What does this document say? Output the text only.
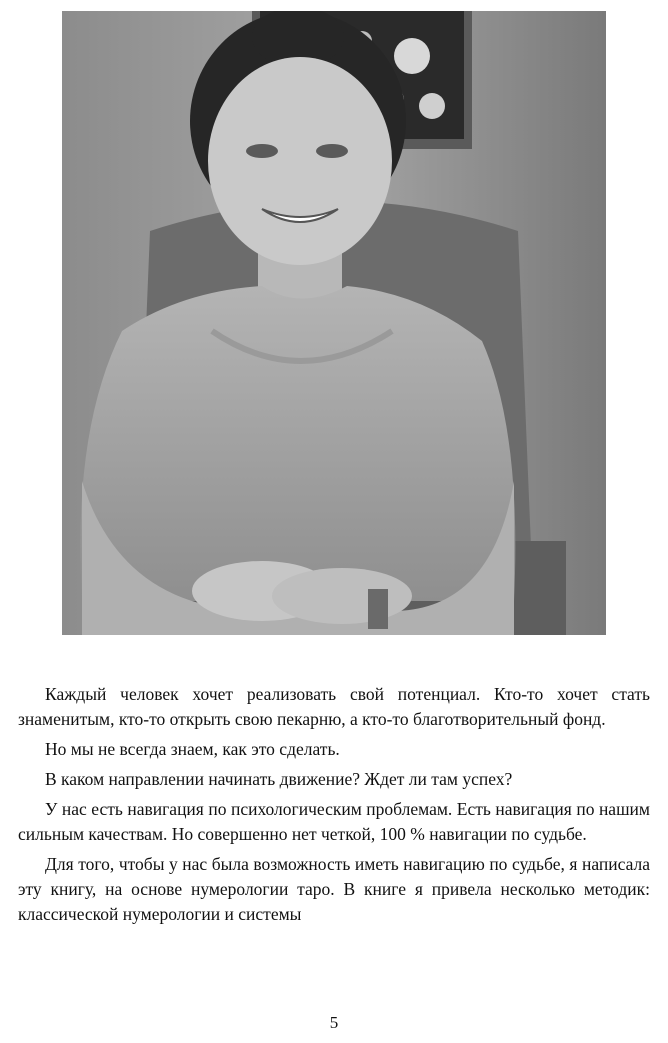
Каждый человек хочет реализовать свой потенциал. Кто-то хочет стать знаменитым, кто-то открыть свою пекарню, а кто-то благотворительный фонд.

Но мы не всегда знаем, как это сделать.

В каком направлении начинать движение? Ждет ли там успех?

У нас есть навигация по психологическим проблемам. Есть навигация по нашим сильным качествам. Но совершенно нет четкой, 100 % навигации по судьбе.

Для того, чтобы у нас была возможность иметь навигацию по судьбе, я написала эту книгу, на основе нумерологии таро. В книге я привела несколько методик: классической нумерологии и системы

5
